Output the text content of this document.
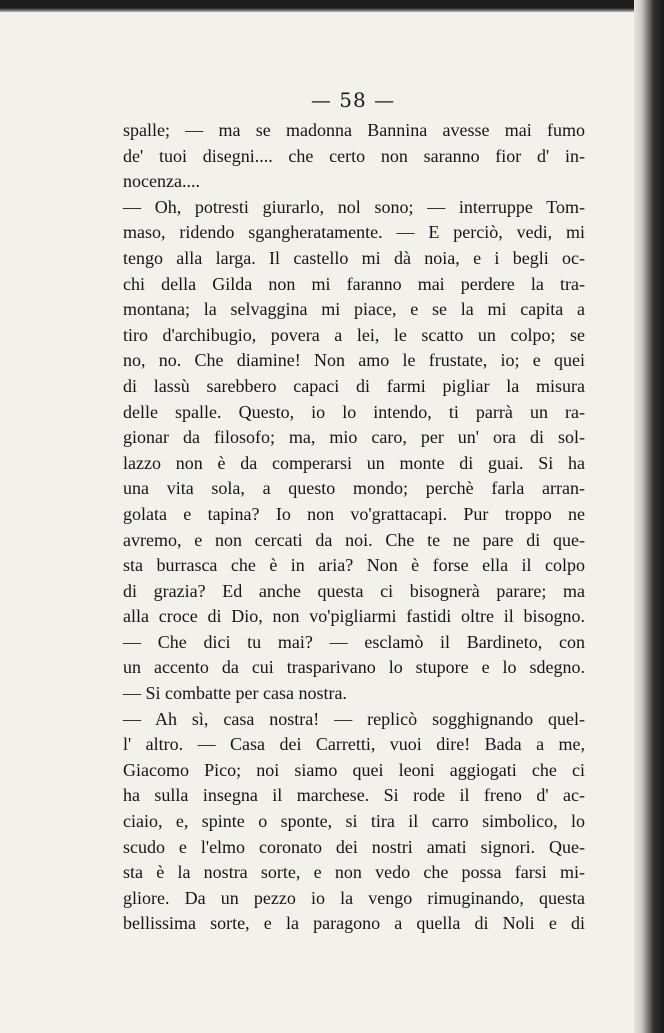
— 58 —
spalle; — ma se madonna Bannina avesse mai fumo
de' tuoi disegni.... che certo non saranno fior d' in-
nocenza....
— Oh, potresti giurarlo, nol sono; — interruppe Tom-
maso, ridendo sgangheratamente. — E perciò, vedi, mi
tengo alla larga. Il castello mi dà noia, e i begli oc-
chi della Gilda non mi faranno mai perdere la tra-
montana; la selvaggina mi piace, e se la mi capita a
tiro d'archibugio, povera a lei, le scatto un colpo; se
no, no. Che diamine! Non amo le frustate, io; e quei
di lassù sarebbero capaci di farmi pigliar la misura
delle spalle. Questo, io lo intendo, ti parrà un ra-
gionar da filosofo; ma, mio caro, per un' ora di sol-
lazzo non è da comperarsi un monte di guai. Si ha
una vita sola, a questo mondo; perchè farla arran-
golata e tapina? Io non vo'grattacapi. Pur troppo ne
avremo, e non cercati da noi. Che te ne pare di que-
sta burrasca che è in aria? Non è forse ella il colpo
di grazia? Ed anche questa ci bisognerà parare; ma
alla croce di Dio, non vo'pigliarmi fastidi oltre il bisogno.
— Che dici tu mai? — esclamò il Bardineto, con
un accento da cui trasparivano lo stupore e lo sdegno.
— Si combatte per casa nostra.
— Ah sì, casa nostra! — replicò sogghignando quel-
l' altro. — Casa dei Carretti, vuoi dire! Bada a me,
Giacomo Pico; noi siamo quei leoni aggiogati che ci
ha sulla insegna il marchese. Si rode il freno d' ac-
ciaio, e, spinte o sponte, si tira il carro simbolico, lo
scudo e l'elmo coronato dei nostri amati signori. Que-
sta è la nostra sorte, e non vedo che possa farsi mi-
gliore. Da un pezzo io la vengo rimuginando, questa
bellissima sorte, e la paragono a quella di Noli e di
